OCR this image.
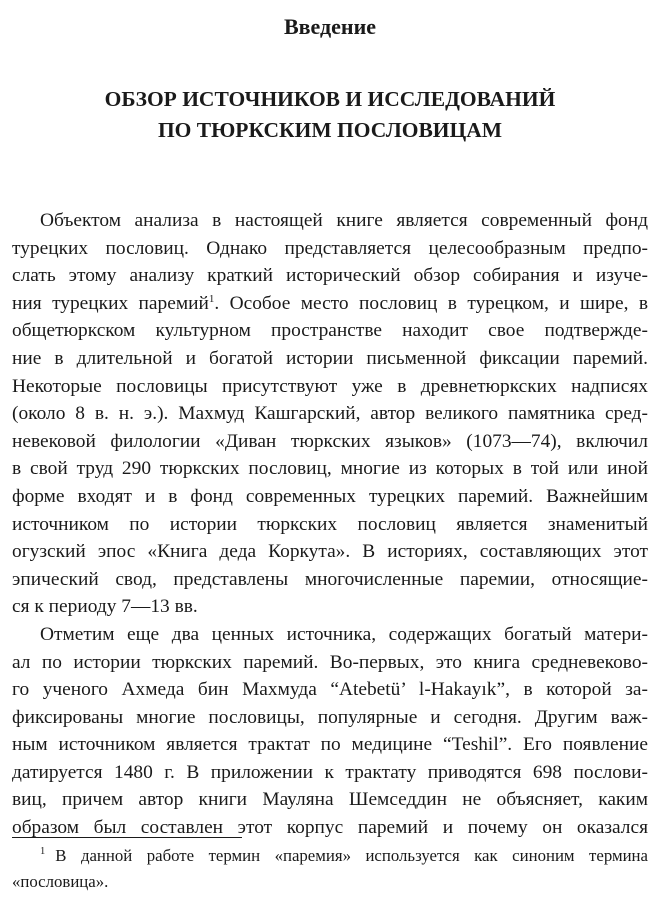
Введение
ОБЗОР ИСТОЧНИКОВ И ИССЛЕДОВАНИЙ
ПО ТЮРКСКИМ ПОСЛОВИЦАМ
Объектом анализа в настоящей книге является современный фонд
турецких пословиц. Однако представляется целесообразным предпо-
слать этому анализу краткий исторический обзор собирания и изуче-
ния турецких паремий$^1$. Особое место пословиц в турецком, и шире, в
общетюркском культурном пространстве находит свое подтвержде-
ние в длительной и богатой истории письменной фиксации паремий.
Некоторые пословицы присутствуют уже в древнетюркских надписях
(около 8 в. н. э.). Махмуд Кашгарский, автор великого памятника сред-
невековой филологии «Диван тюркских языков» (1073—74), включил
в свой труд 290 тюркских пословиц, многие из которых в той или иной
форме входят и в фонд современных турецких паремий. Важнейшим
источником по истории тюркских пословиц является знаменитый
огузский эпос «Книга деда Коркута». В историях, составляющих этот
эпический свод, представлены многочисленные паремии, относящие-
ся к периоду 7—13 вв.
Отметим еще два ценных источника, содержащих богатый матери-
ал по истории тюркских паремий. Во-первых, это книга средневеково-
го ученого Ахмеда бин Махмуда “Atebetü’ l-Hakayık”, в которой за-
фиксированы многие пословицы, популярные и сегодня. Другим важ-
ным источником является трактат по медицине “Teshil”. Его появление
датируется 1480 г. В приложении к трактату приводятся 698 послови-
виц, причем автор книги Мауляна Шемседдин не объясняет, каким
образом был составлен этот корпус паремий и почему он оказался
$^1$ В данной работе термин «паремия» используется как синоним термина
«пословица».
